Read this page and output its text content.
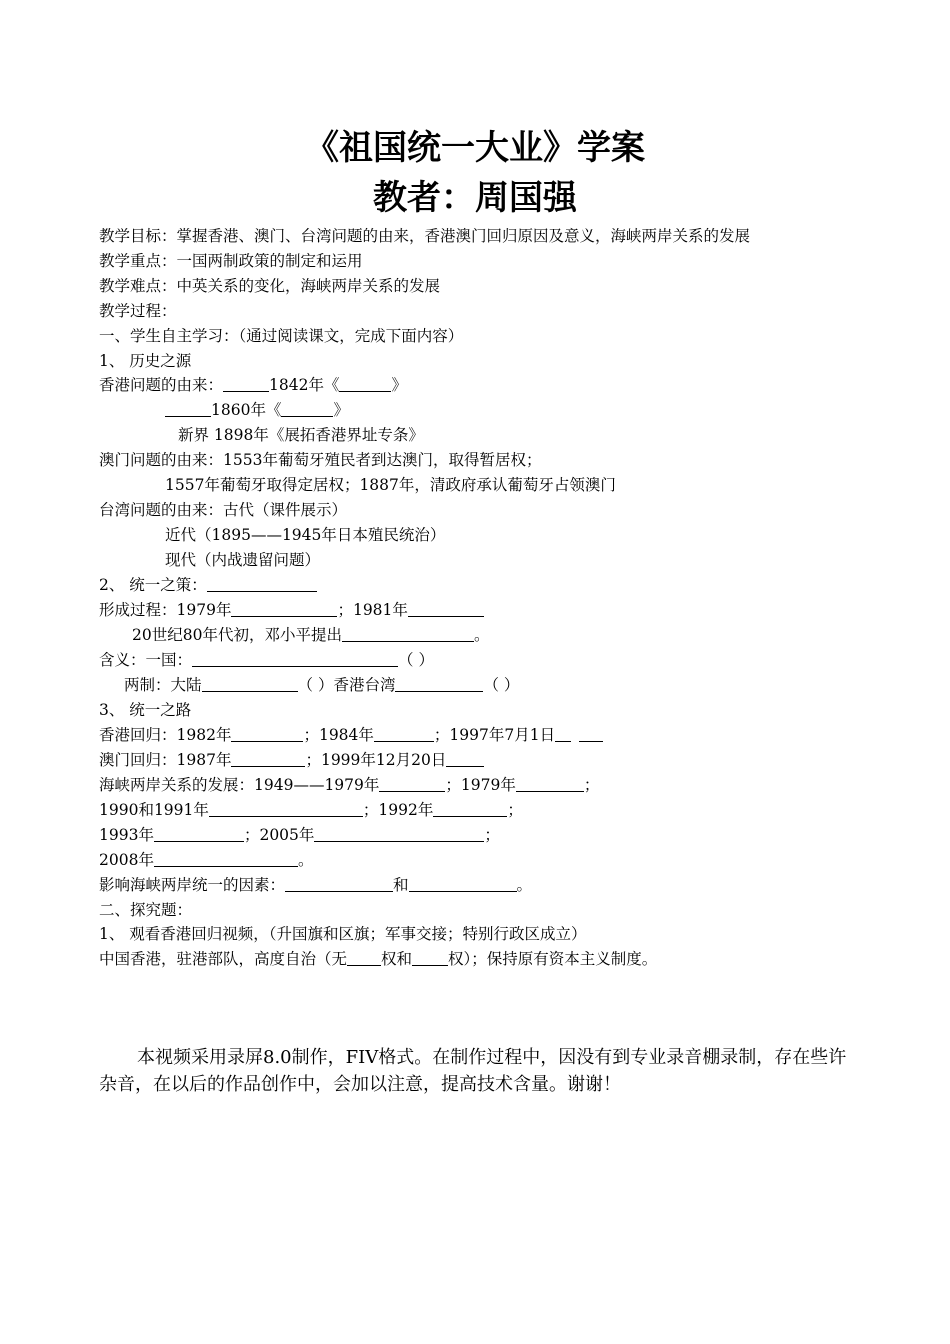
《祖国统一大业》学案
教者：周国强
教学目标：掌握香港、澳门、台湾问题的由来，香港澳门回归原因及意义，海峡两岸关系的发展
教学重点：一国两制政策的制定和运用
教学难点：中英关系的变化，海峡两岸关系的发展
教学过程：
一、学生自主学习：（通过阅读课文，完成下面内容）
1、 历史之源
香港问题的由来：	1842年《	》
1860年《	》
新界 1898年《展拓香港界址专条》
澳门问题的由来：1553年葡萄牙殖民者到达澳门，取得暂居权；
1557年葡萄牙取得定居权；1887年，清政府承认葡萄牙占领澳门
台湾问题的由来：古代（课件展示）
近代（1895——1945年日本殖民统治）
现代（内战遗留问题）
2、 统一之策：
形成过程：1979年	；1981年
20世纪80年代初，邓小平提出	。
含义：一国：	（ ）
两制：大陆	（ ）香港台湾	（ ）
3、 统一之路
香港回归：1982年	；1984年	；1997年7月1日
澳门回归：1987年	；1999年12月20日
海峡两岸关系的发展：1949——1979年	；1979年	；
1990和1991年	；1992年	；
1993年	；2005年	；
2008年	。
影响海峡两岸统一的因素：	和	。
二、探究题：
1、 观看香港回归视频，（升国旗和区旗；军事交接；特别行政区成立）
中国香港，驻港部队，高度自治（无 权和 权）；保持原有资本主义制度。
本视频采用录屏8.0制作，FIV格式。在制作过程中，因没有到专业录音棚录制，存在些许杂音，在以后的作品创作中，会加以注意，提高技术含量。谢谢！
